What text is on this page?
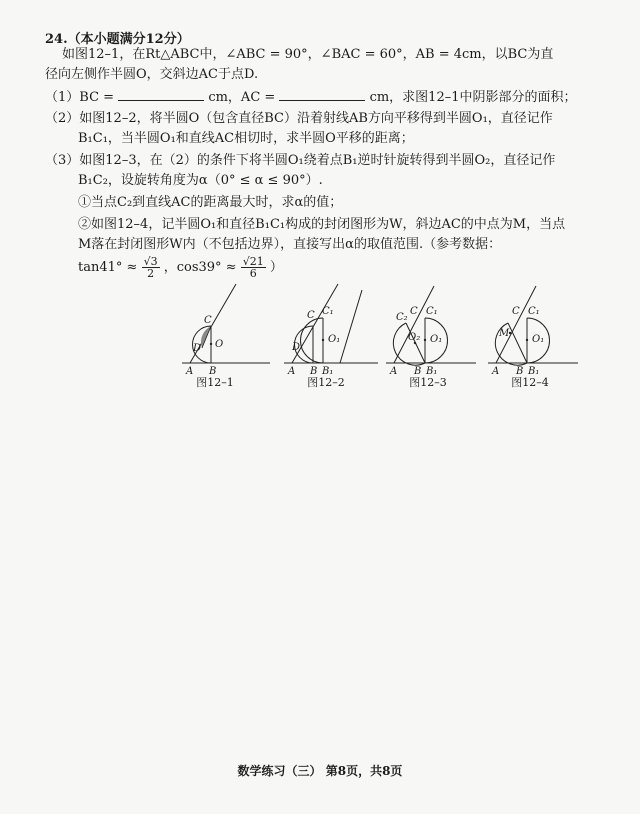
24.（本小题满分12分）
如图12–1，在Rt△ABC中，∠ABC = 90°，∠BAC = 60°，AB = 4cm，以BC为直
径向左侧作半圆O，交斜边AC于点D.
（1）BC =	cm，AC =	cm，求图12–1中阴影部分的面积；
（2）如图12–2，将半圆O（包含直径BC）沿着射线AB方向平移得到半圆O₁，直径记作
B₁C₁，当半圆O₁和直线AC相切时，求半圆O平移的距离；
（3）如图12–3，在（2）的条件下将半圆O₁绕着点B₁逆时针旋转得到半圆O₂，直径记作
B₁C₂，设旋转角度为α（0° ≤ α ≤ 90°）.
①当点C₂到直线AC的距离最大时，求α的值；
②如图12–4，记半圆O₁和直径B₁C₁构成的封闭图形为W，斜边AC的中点为M，当点
M落在封闭图形W内（不包括边界），直接写出α的取值范围.（参考数据：
$\tan 41^\circ \approx \frac{√3}{2}$ ，$\cos 39^\circ \approx \frac{√21}{6}$ ）
C
O
D
A B
图12–1
C C₁
O₁
D
A B B₁
图12–2
C₂
C C₁
O₂ O₁
A B B₁
图12–3
C C₁
M
O₁
A B B₁
图12–4
数学练习（三） 第8页，共8页
